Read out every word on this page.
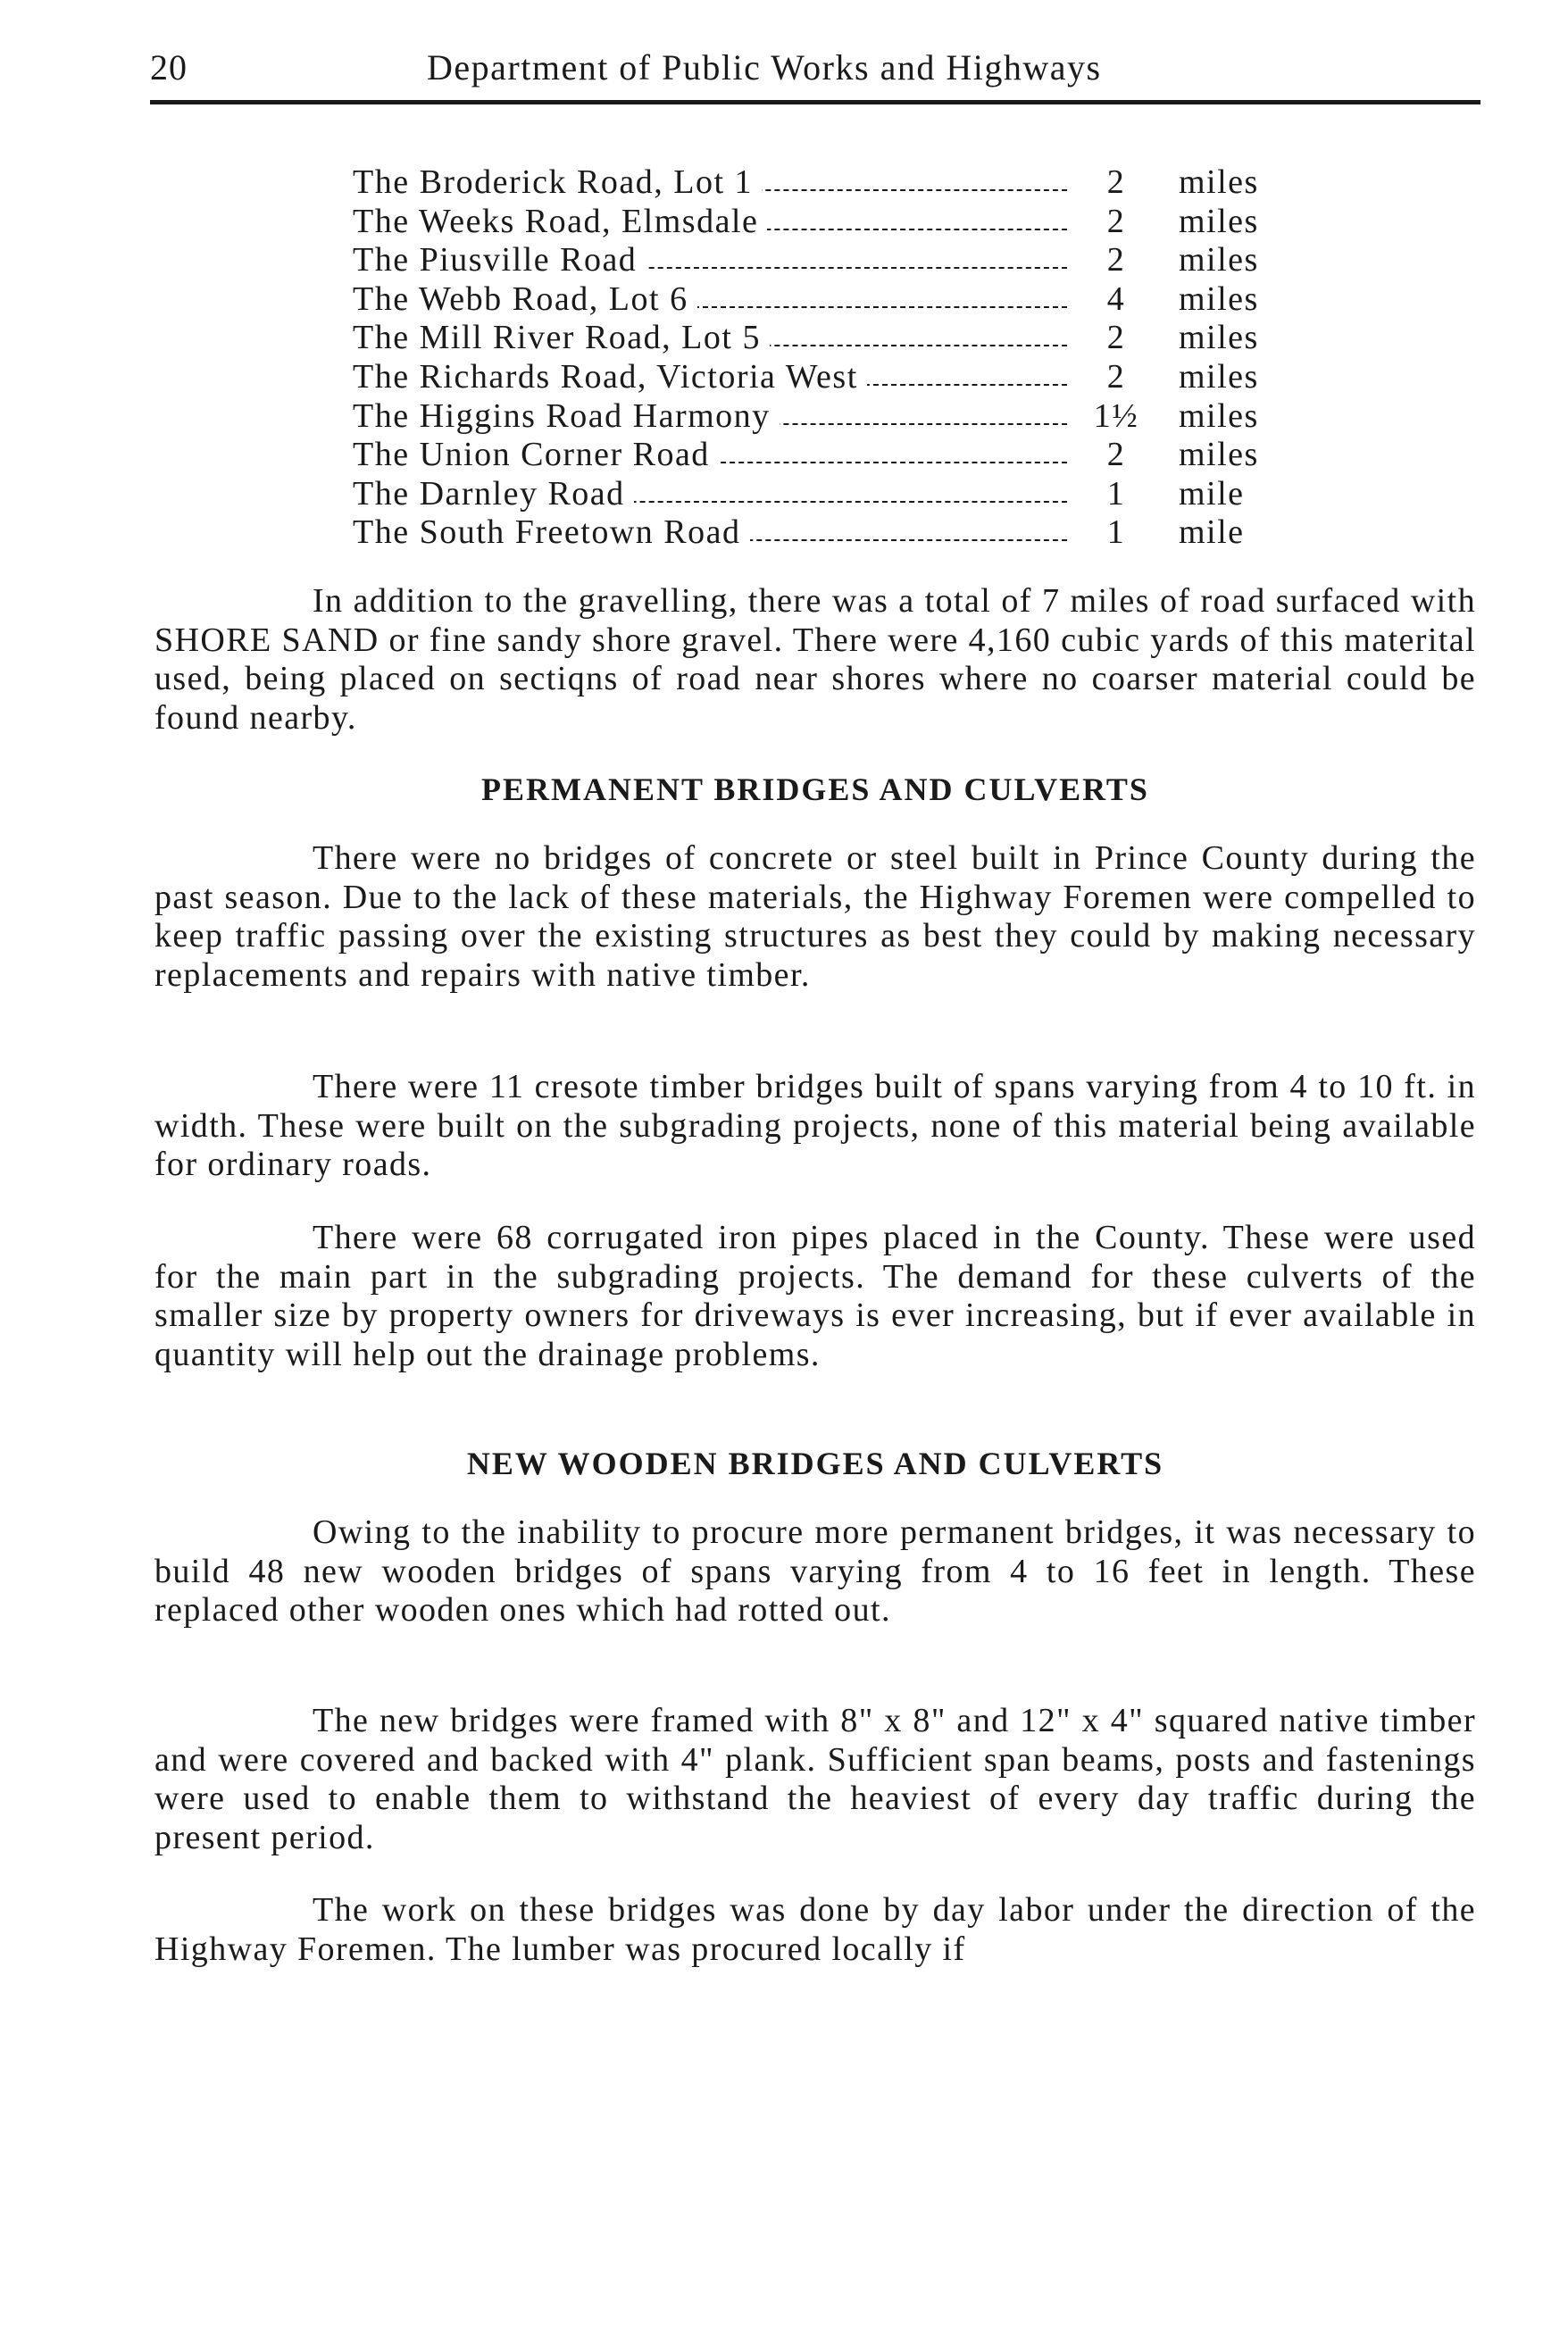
20	Department of Public Works and Highways
The Broderick Road, Lot 1	2	miles
The Weeks Road, Elmsdale	2	miles
The Piusville Road	2	miles
The Webb Road, Lot 6	4	miles
The Mill River Road, Lot 5	2	miles
The Richards Road, Victoria West	2	miles
The Higgins Road Harmony	1½ miles
The Union Corner Road	2	miles
The Darnley Road	1	mile
The South Freetown Road	1	mile

In addition to the gravelling, there was a total of 7 miles of road surfaced with SHORE SAND or fine sandy shore gravel. There were 4,160 cubic yards of this materital used, being placed on sectiqns of road near shores where no coarser material could be found nearby.

PERMANENT BRIDGES AND CULVERTS

There were no bridges of concrete or steel built in Prince County during the past season. Due to the lack of these materials, the Highway Foremen were compelled to keep traffic passing over the existing structures as best they could by making necessary replacements and repairs with native timber.

There were 11 cresote timber bridges built of spans varying from 4 to 10 ft. in width. These were built on the subgrading projects, none of this material being available for ordinary roads.

There were 68 corrugated iron pipes placed in the County. These were used for the main part in the subgrading projects. The demand for these culverts of the smaller size by property owners for driveways is ever increasing, but if ever available in quantity will help out the drainage problems.

NEW WOODEN BRIDGES AND CULVERTS

Owing to the inability to procure more permanent bridges, it was necessary to build 48 new wooden bridges of spans varying from 4 to 16 feet in length. These replaced other wooden ones which had rotted out.

The new bridges were framed with 8" x 8" and 12" x 4" squared native timber and were covered and backed with 4" plank. Sufficient span beams, posts and fastenings were used to enable them to withstand the heaviest of every day traffic during the present period.

The work on these bridges was done by day labor under the direction of the Highway Foremen. The lumber was procured locally if
